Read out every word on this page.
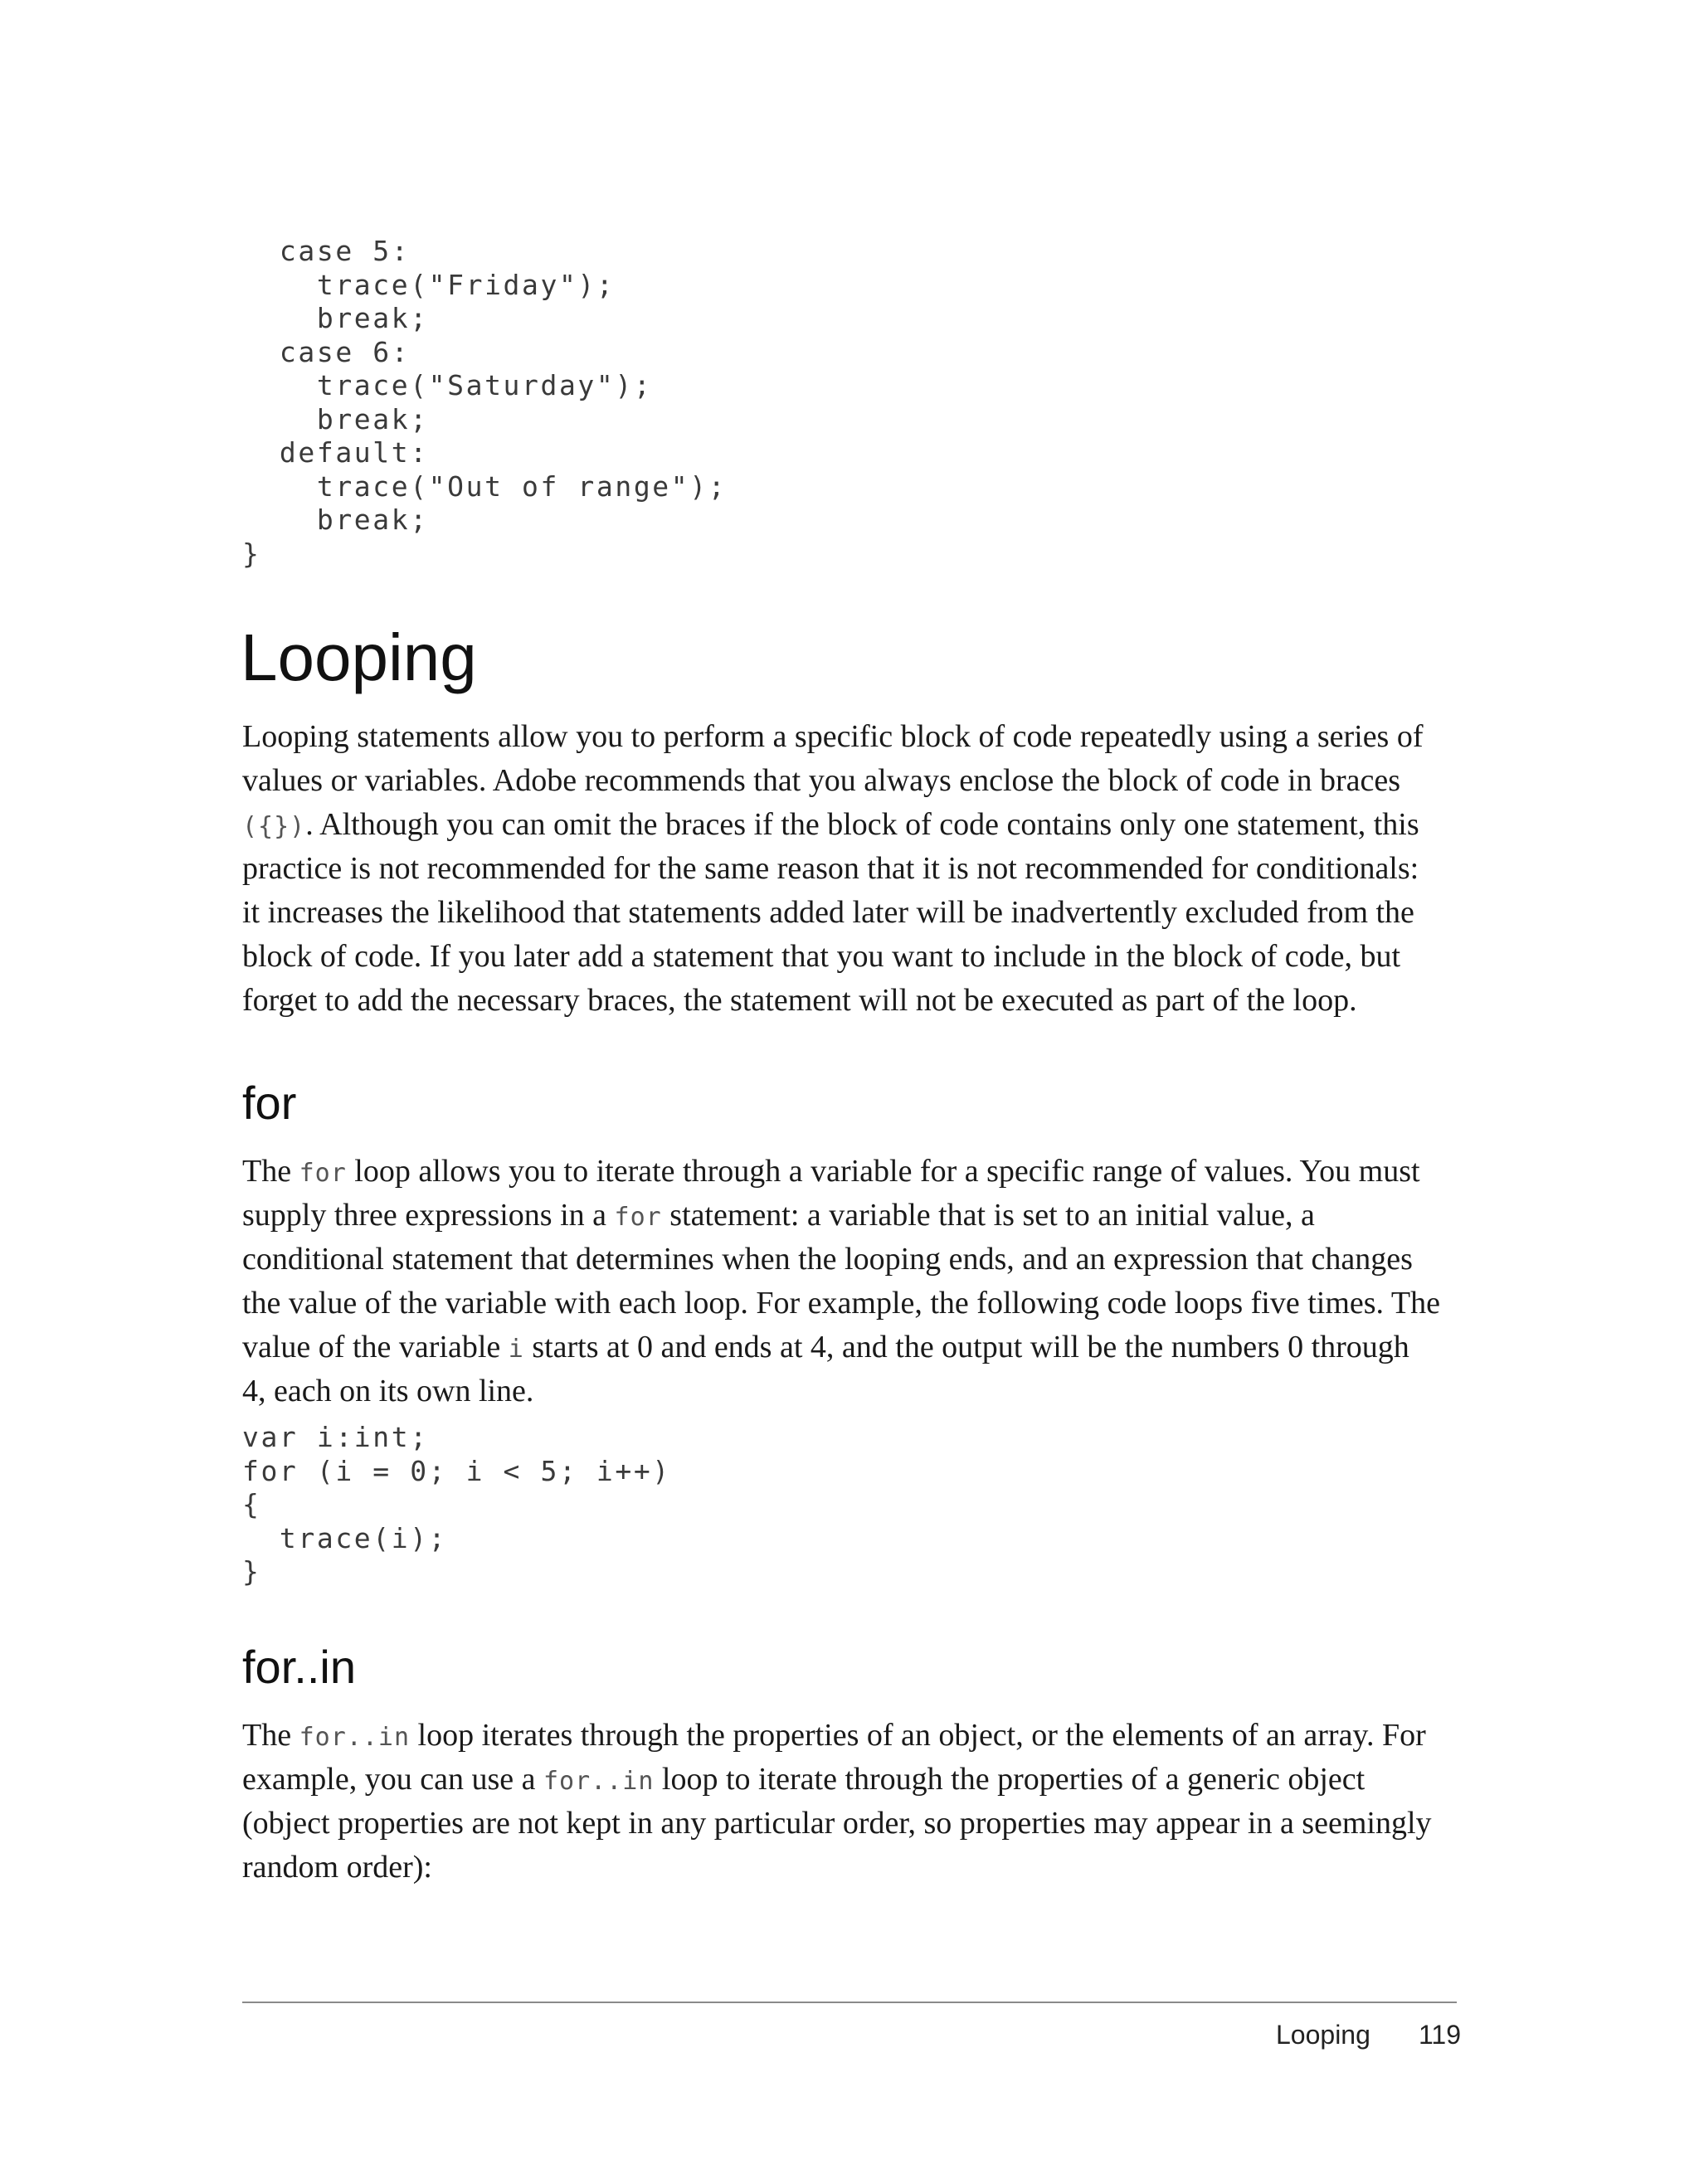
case 5:
trace("Friday");
break;
case 6:
trace("Saturday");
break;
default:
trace("Out of range");
break;
}
Looping

Looping statements allow you to perform a specific block of code repeatedly using a series of
values or variables. Adobe recommends that you always enclose the block of code in braces
({}). Although you can omit the braces if the block of code contains only one statement, this
practice is not recommended for the same reason that it is not recommended for conditionals:
it increases the likelihood that statements added later will be inadvertently excluded from the
block of code. If you later add a statement that you want to include in the block of code, but
forget to add the necessary braces, the statement will not be executed as part of the loop.

for

The for loop allows you to iterate through a variable for a specific range of values. You must
supply three expressions in a for statement: a variable that is set to an initial value, a
conditional statement that determines when the looping ends, and an expression that changes
the value of the variable with each loop. For example, the following code loops five times. The
value of the variable i starts at 0 and ends at 4, and the output will be the numbers 0 through
4, each on its own line.

var i:int;
for (i = 0; i < 5; i++)
{
trace(i);
}
for..in

The for..in loop iterates through the properties of an object, or the elements of an array. For
example, you can use a for..in loop to iterate through the properties of a generic object
(object properties are not kept in any particular order, so properties may appear in a seemingly
random order):

Looping 119
